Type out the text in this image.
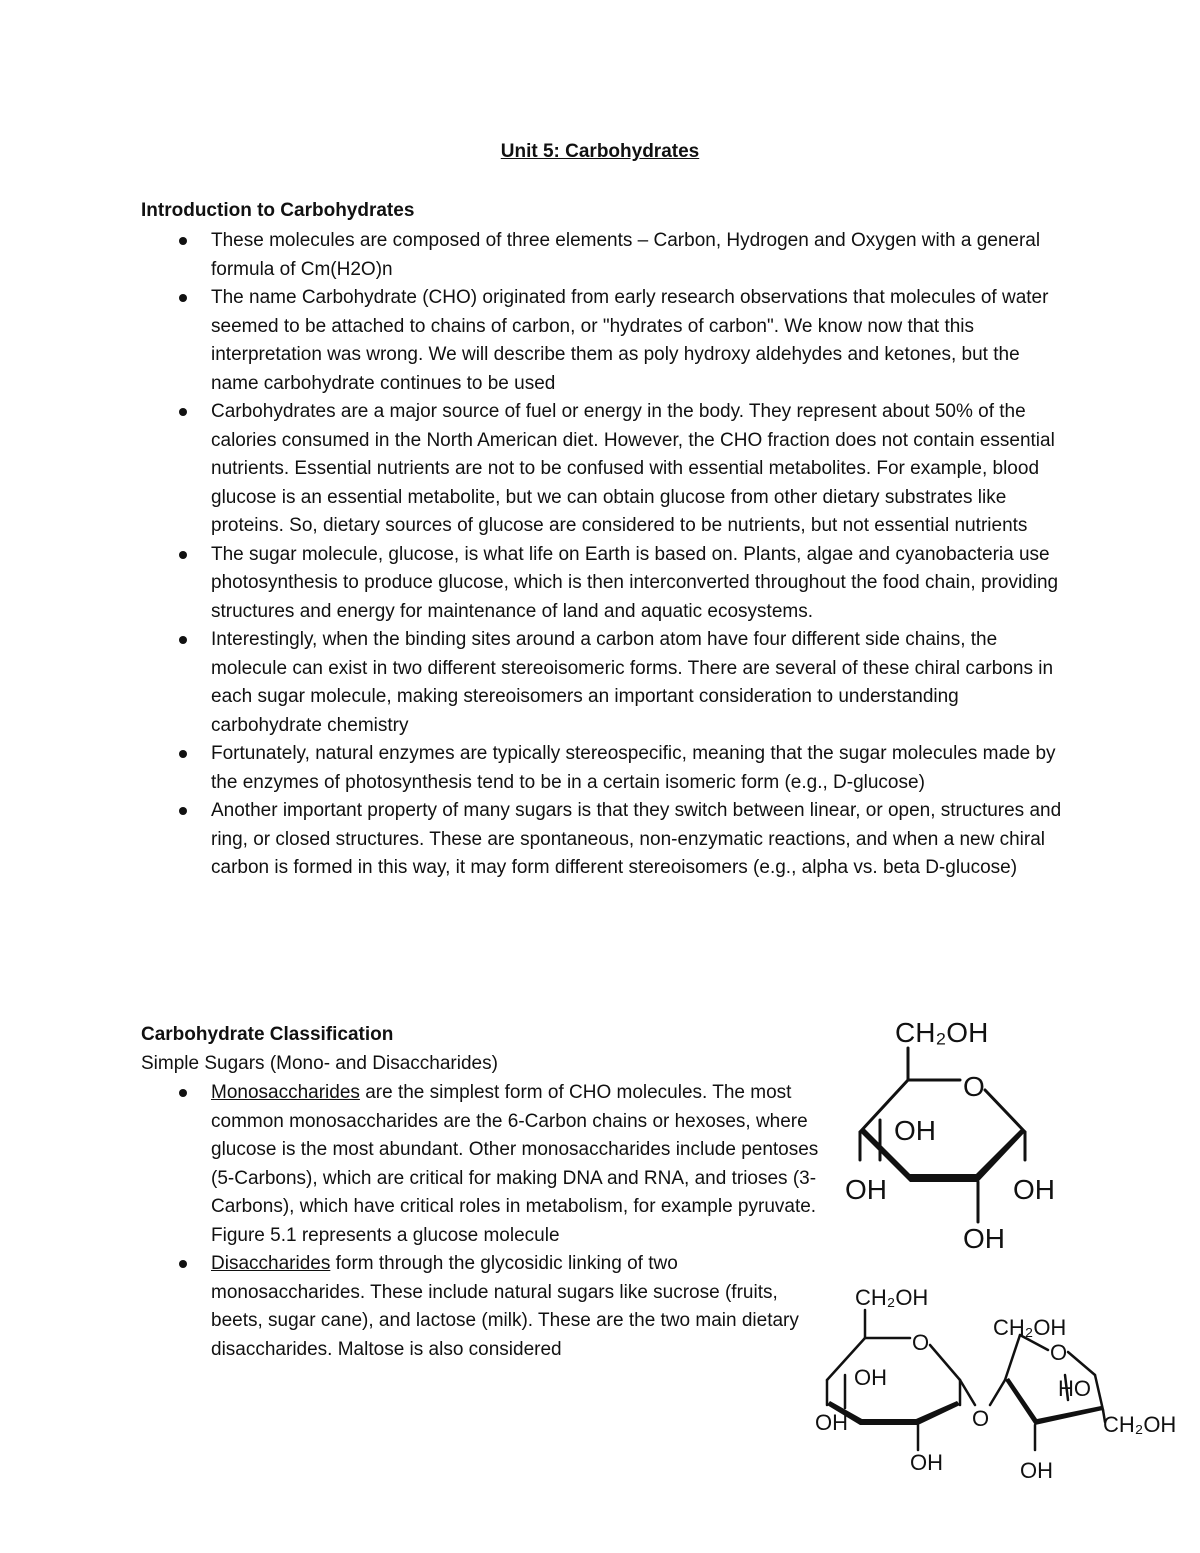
Unit 5: Carbohydrates
Introduction to Carbohydrates
These molecules are composed of three elements – Carbon, Hydrogen and Oxygen with a general formula of Cm(H2O)n
The name Carbohydrate (CHO) originated from early research observations that molecules of water seemed to be attached to chains of carbon, or "hydrates of carbon". We know now that this interpretation was wrong. We will describe them as poly hydroxy aldehydes and ketones, but the name carbohydrate continues to be used
Carbohydrates are a major source of fuel or energy in the body. They represent about 50% of the calories consumed in the North American diet. However, the CHO fraction does not contain essential nutrients. Essential nutrients are not to be confused with essential metabolites. For example, blood glucose is an essential metabolite, but we can obtain glucose from other dietary substrates like proteins. So, dietary sources of glucose are considered to be nutrients, but not essential nutrients
The sugar molecule, glucose, is what life on Earth is based on. Plants, algae and cyanobacteria use photosynthesis to produce glucose, which is then interconverted throughout the food chain, providing structures and energy for maintenance of land and aquatic ecosystems.
Interestingly, when the binding sites around a carbon atom have four different side chains, the molecule can exist in two different stereoisomeric forms. There are several of these chiral carbons in each sugar molecule, making stereoisomers an important consideration to understanding carbohydrate chemistry
Fortunately, natural enzymes are typically stereospecific, meaning that the sugar molecules made by the enzymes of photosynthesis tend to be in a certain isomeric form (e.g., D-glucose)
Another important property of many sugars is that they switch between linear, or open, structures and ring, or closed structures. These are spontaneous, non-enzymatic reactions, and when a new chiral carbon is formed in this way, it may form different stereoisomers (e.g., alpha vs. beta D-glucose)
Carbohydrate Classification
Simple Sugars (Mono- and Disaccharides)
Monosaccharides are the simplest form of CHO molecules. The most common monosaccharides are the 6-Carbon chains or hexoses, where glucose is the most abundant. Other monosaccharides include pentoses (5-Carbons), which are critical for making DNA and RNA, and trioses (3-Carbons), which have critical roles in metabolism, for example pyruvate. Figure 5.1 represents a glucose molecule
Disaccharides form through the glycosidic linking of two monosaccharides. These include natural sugars like sucrose (fruits, beets, sugar cane), and lactose (milk). These are the two main dietary disaccharides. Maltose is also considered
CH₂OH
O
OH
OH	OH
OH
CH₂OH
O
OH
OH
OH
O
CH₂OH
O
HO
CH₂OH
OH
